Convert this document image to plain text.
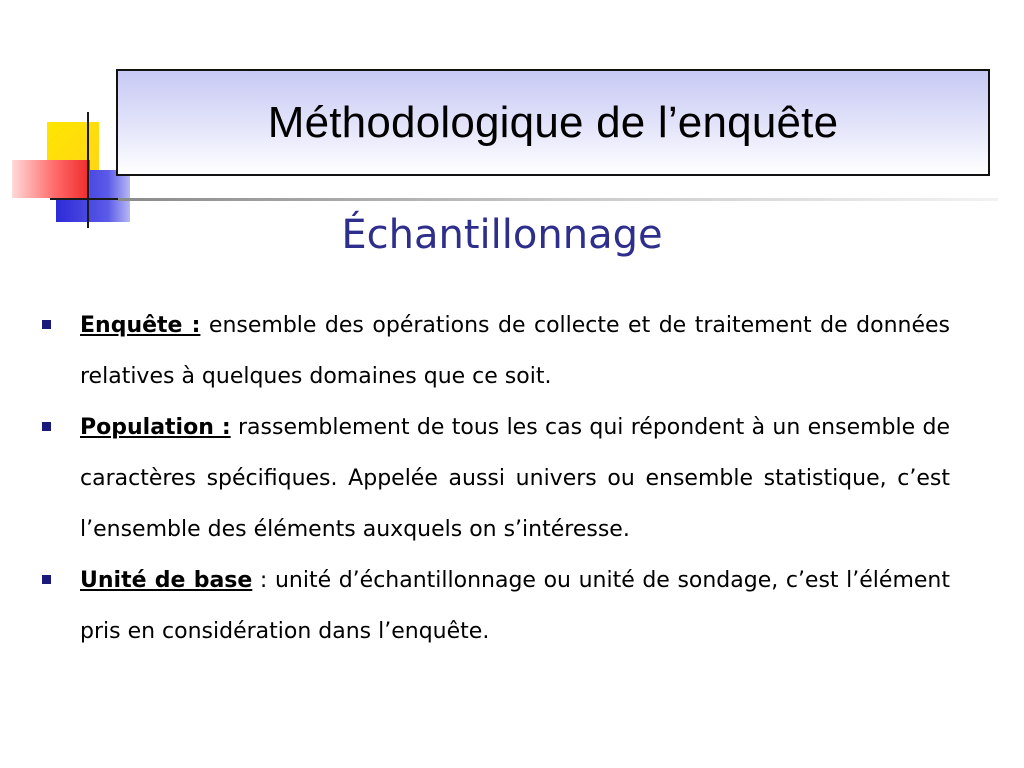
Méthodologique de l’enquête
Échantillonnage

Enquête : ensemble des opérations de collecte et de traitement de données relatives à quelques domaines que ce soit.

Population : rassemblement de tous les cas qui répondent à un ensemble de caractères spécifiques. Appelée aussi univers ou ensemble statistique, c’est l’ensemble des éléments auxquels on s’intéresse.

Unité de base : unité d’échantillonnage ou unité de sondage, c’est l’élément pris en considération dans l’enquête.
